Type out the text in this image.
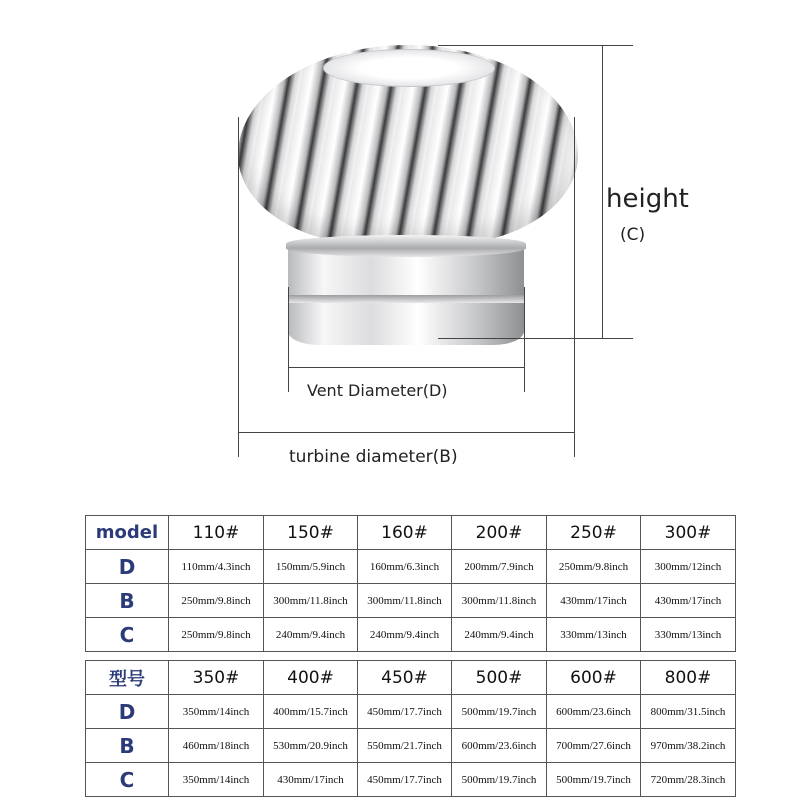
height
(C)
Vent Diameter(D)
turbine diameter(B)
model	110#	150#	160#	200#	250#	300#
D	110mm/4.3inch	150mm/5.9inch	160mm/6.3inch	200mm/7.9inch	250mm/9.8inch	300mm/12inch
B	250mm/9.8inch	300mm/11.8inch	300mm/11.8inch	300mm/11.8inch	430mm/17inch	430mm/17inch
C	250mm/9.8inch	240mm/9.4inch	240mm/9.4inch	240mm/9.4inch	330mm/13inch	330mm/13inch
型号	350#	400#	450#	500#	600#	800#
D	350mm/14inch	400mm/15.7inch	450mm/17.7inch	500mm/19.7inch	600mm/23.6inch	800mm/31.5inch
B	460mm/18inch	530mm/20.9inch	550mm/21.7inch	600mm/23.6inch	700mm/27.6inch	970mm/38.2inch
C	350mm/14inch	430mm/17inch	450mm/17.7inch	500mm/19.7inch	500mm/19.7inch	720mm/28.3inch
